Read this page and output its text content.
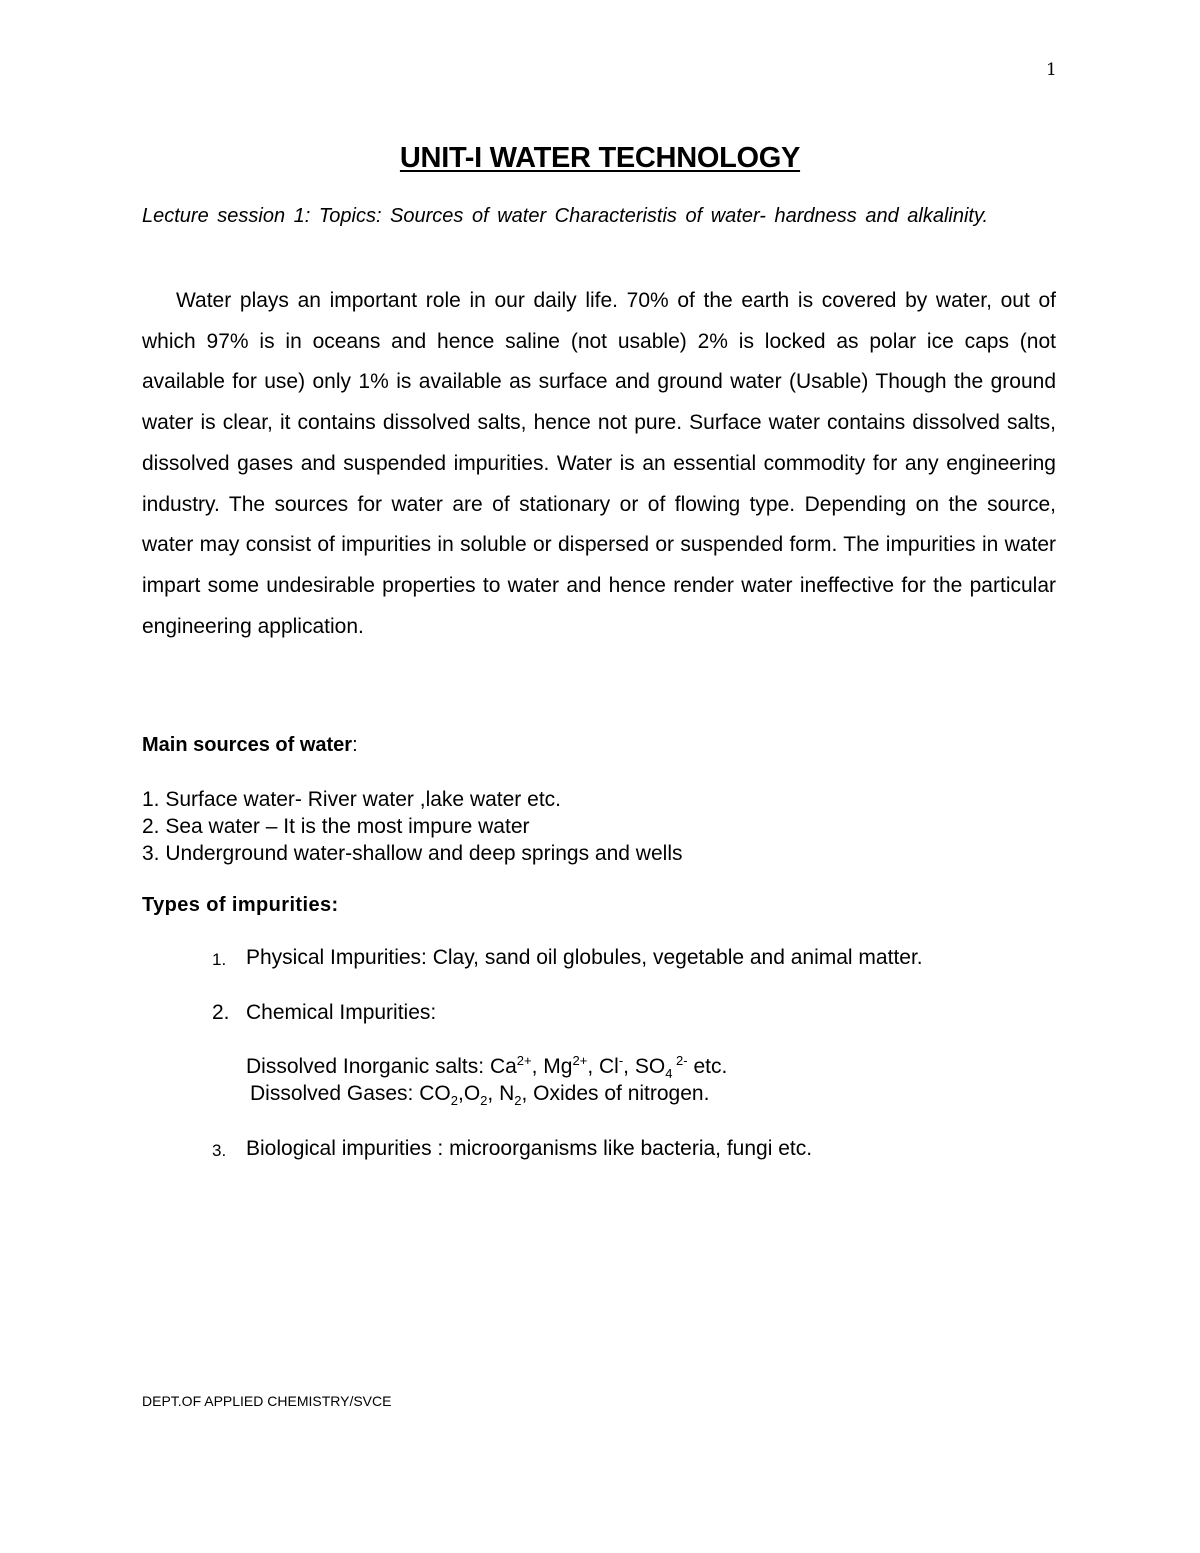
1
UNIT-I WATER TECHNOLOGY
Lecture session 1: Topics: Sources of water Characteristis of water- hardness and alkalinity.

Water plays an important role in our daily life. 70% of the earth is covered by water, out of which 97% is in oceans and hence saline (not usable) 2% is locked as polar ice caps (not available for use) only 1% is available as surface and ground water (Usable) Though the ground water is clear, it contains dissolved salts, hence not pure. Surface water contains dissolved salts, dissolved gases and suspended impurities. Water is an essential commodity for any engineering industry. The sources for water are of stationary or of flowing type. Depending on the source, water may consist of impurities in soluble or dispersed or suspended form. The impurities in water impart some undesirable properties to water and hence render water ineffective for the particular engineering application.

Main sources of water:
1. Surface water- River water ,lake water etc.
2. Sea water – It is the most impure water
3. Underground water-shallow and deep springs and wells
Types of impurities:
1. Physical Impurities: Clay, sand oil globules, vegetable and animal matter.
2. Chemical Impurities:
Dissolved Inorganic salts: $Ca^{2+}$, $Mg^{2+}$, Cl-, $SO_4$ $^{2-}$ etc.
Dissolved Gases: $CO_2,O_2$, $N_2$, Oxides of nitrogen.
3. Biological impurities : microorganisms like bacteria, fungi etc.
DEPT.OF APPLIED CHEMISTRY/SVCE
